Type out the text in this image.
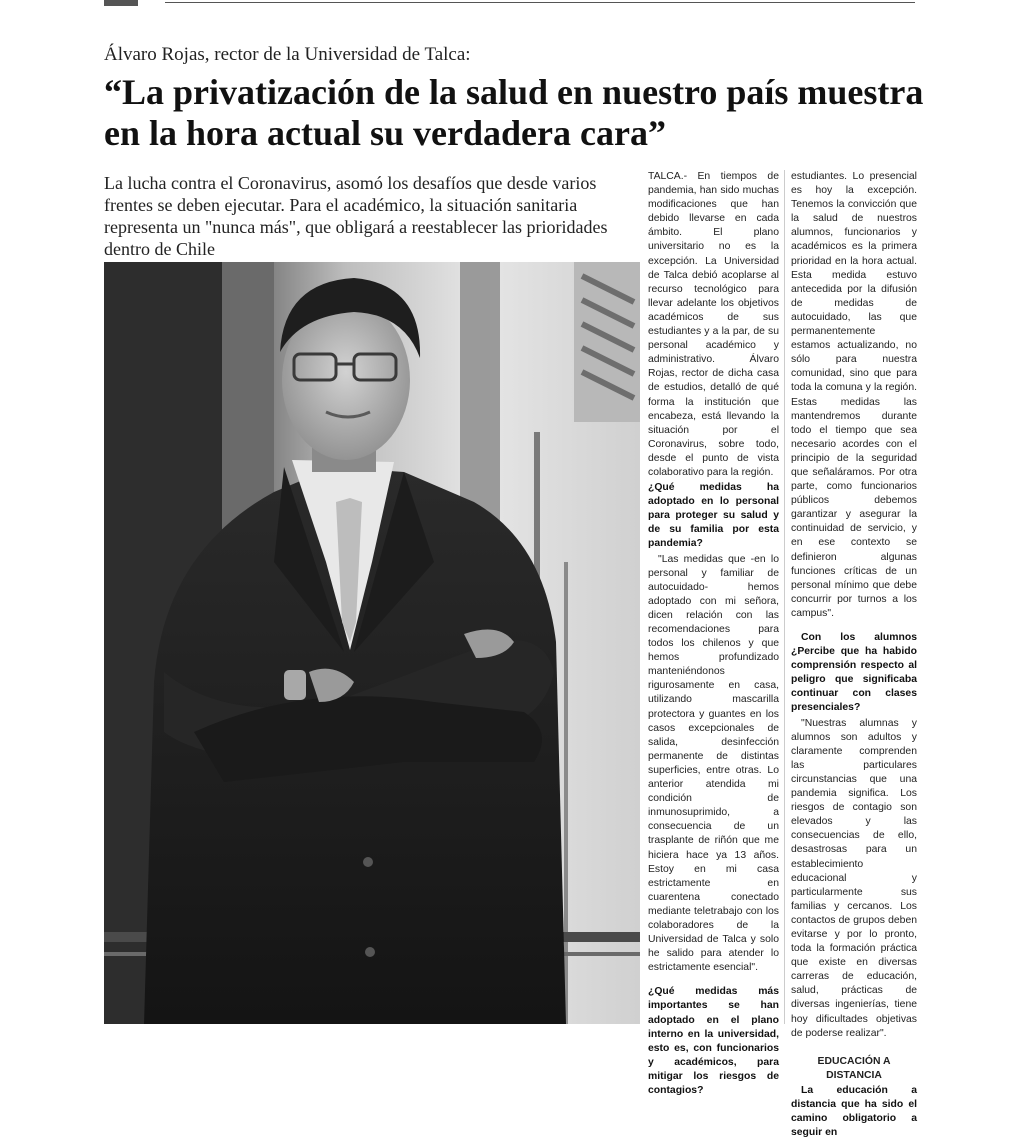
Álvaro Rojas, rector de la Universidad de Talca:
“La privatización de la salud en nuestro país muestra en la hora actual su verdadera cara”
La lucha contra el Coronavirus, asomó los desafíos que desde varios frentes se deben ejecutar. Para el académico, la situación sanitaria representa un "nunca más", que obligará a reestablecer las prioridades dentro de Chile

TALCA.- En tiempos de pandemia, han sido muchas modificaciones que han debido llevarse en cada ámbito. El plano universitario no es la excepción. La Universidad de Talca debió acoplarse al recurso tecnológico para llevar adelante los objetivos académicos de sus estudiantes y a la par, de su personal académico y administrativo. Álvaro Rojas, rector de dicha casa de estudios, detalló de qué forma la institución que encabeza, está llevando la situación por el Coronavirus, sobre todo, desde el punto de vista colaborativo para la región.

¿Qué medidas ha adoptado en lo personal para proteger su salud y de su familia por esta pandemia?

"Las medidas que -en lo personal y familiar de autocuidado- hemos adoptado con mi señora, dicen relación con las recomendaciones para todos los chilenos y que hemos profundizado manteniéndonos rigurosamente en casa, utilizando mascarilla protectora y guantes en los casos excepcionales de salida, desinfección permanente de distintas superficies, entre otras. Lo anterior atendida mi condición de inmunosuprimido, a consecuencia de un trasplante de riñón que me hiciera hace ya 13 años. Estoy en mi casa estrictamente en cuarentena conectado mediante teletrabajo con los colaboradores de la Universidad de Talca y solo he salido para atender lo estrictamente esencial".

¿Qué medidas más importantes se han adoptado en el plano interno en la universidad, esto es, con funcionarios y académicos, para mitigar los riesgos de contagios?

estudiantes. Lo presencial es hoy la excepción. Tenemos la convicción que la salud de nuestros alumnos, funcionarios y académicos es la primera prioridad en la hora actual. Esta medida estuvo antecedida por la difusión de medidas de autocuidado, las que permanentemente estamos actualizando, no sólo para nuestra comunidad, sino que para toda la comuna y la región. Estas medidas las mantendremos durante todo el tiempo que sea necesario acordes con el principio de la seguridad que señaláramos. Por otra parte, como funcionarios públicos debemos garantizar y asegurar la continuidad de servicio, y en ese contexto se definieron algunas funciones críticas de un personal mínimo que debe concurrir por turnos a los campus".

Con los alumnos ¿Percibe que ha habido comprensión respecto al peligro que significaba continuar con clases presenciales?

"Nuestras alumnas y alumnos son adultos y claramente comprenden las particulares circunstancias que una pandemia significa. Los riesgos de contagio son elevados y las consecuencias de ello, desastrosas para un establecimiento educacional y particularmente sus familias y cercanos. Los contactos de grupos deben evitarse y por lo pronto, toda la formación práctica que existe en diversas carreras de educación, salud, prácticas de diversas ingenierías, tiene hoy dificultades objetivas de poderse realizar".

EDUCACIÓN A

DISTANCIA

La educación a distancia que ha sido el camino obligatorio a seguir en
